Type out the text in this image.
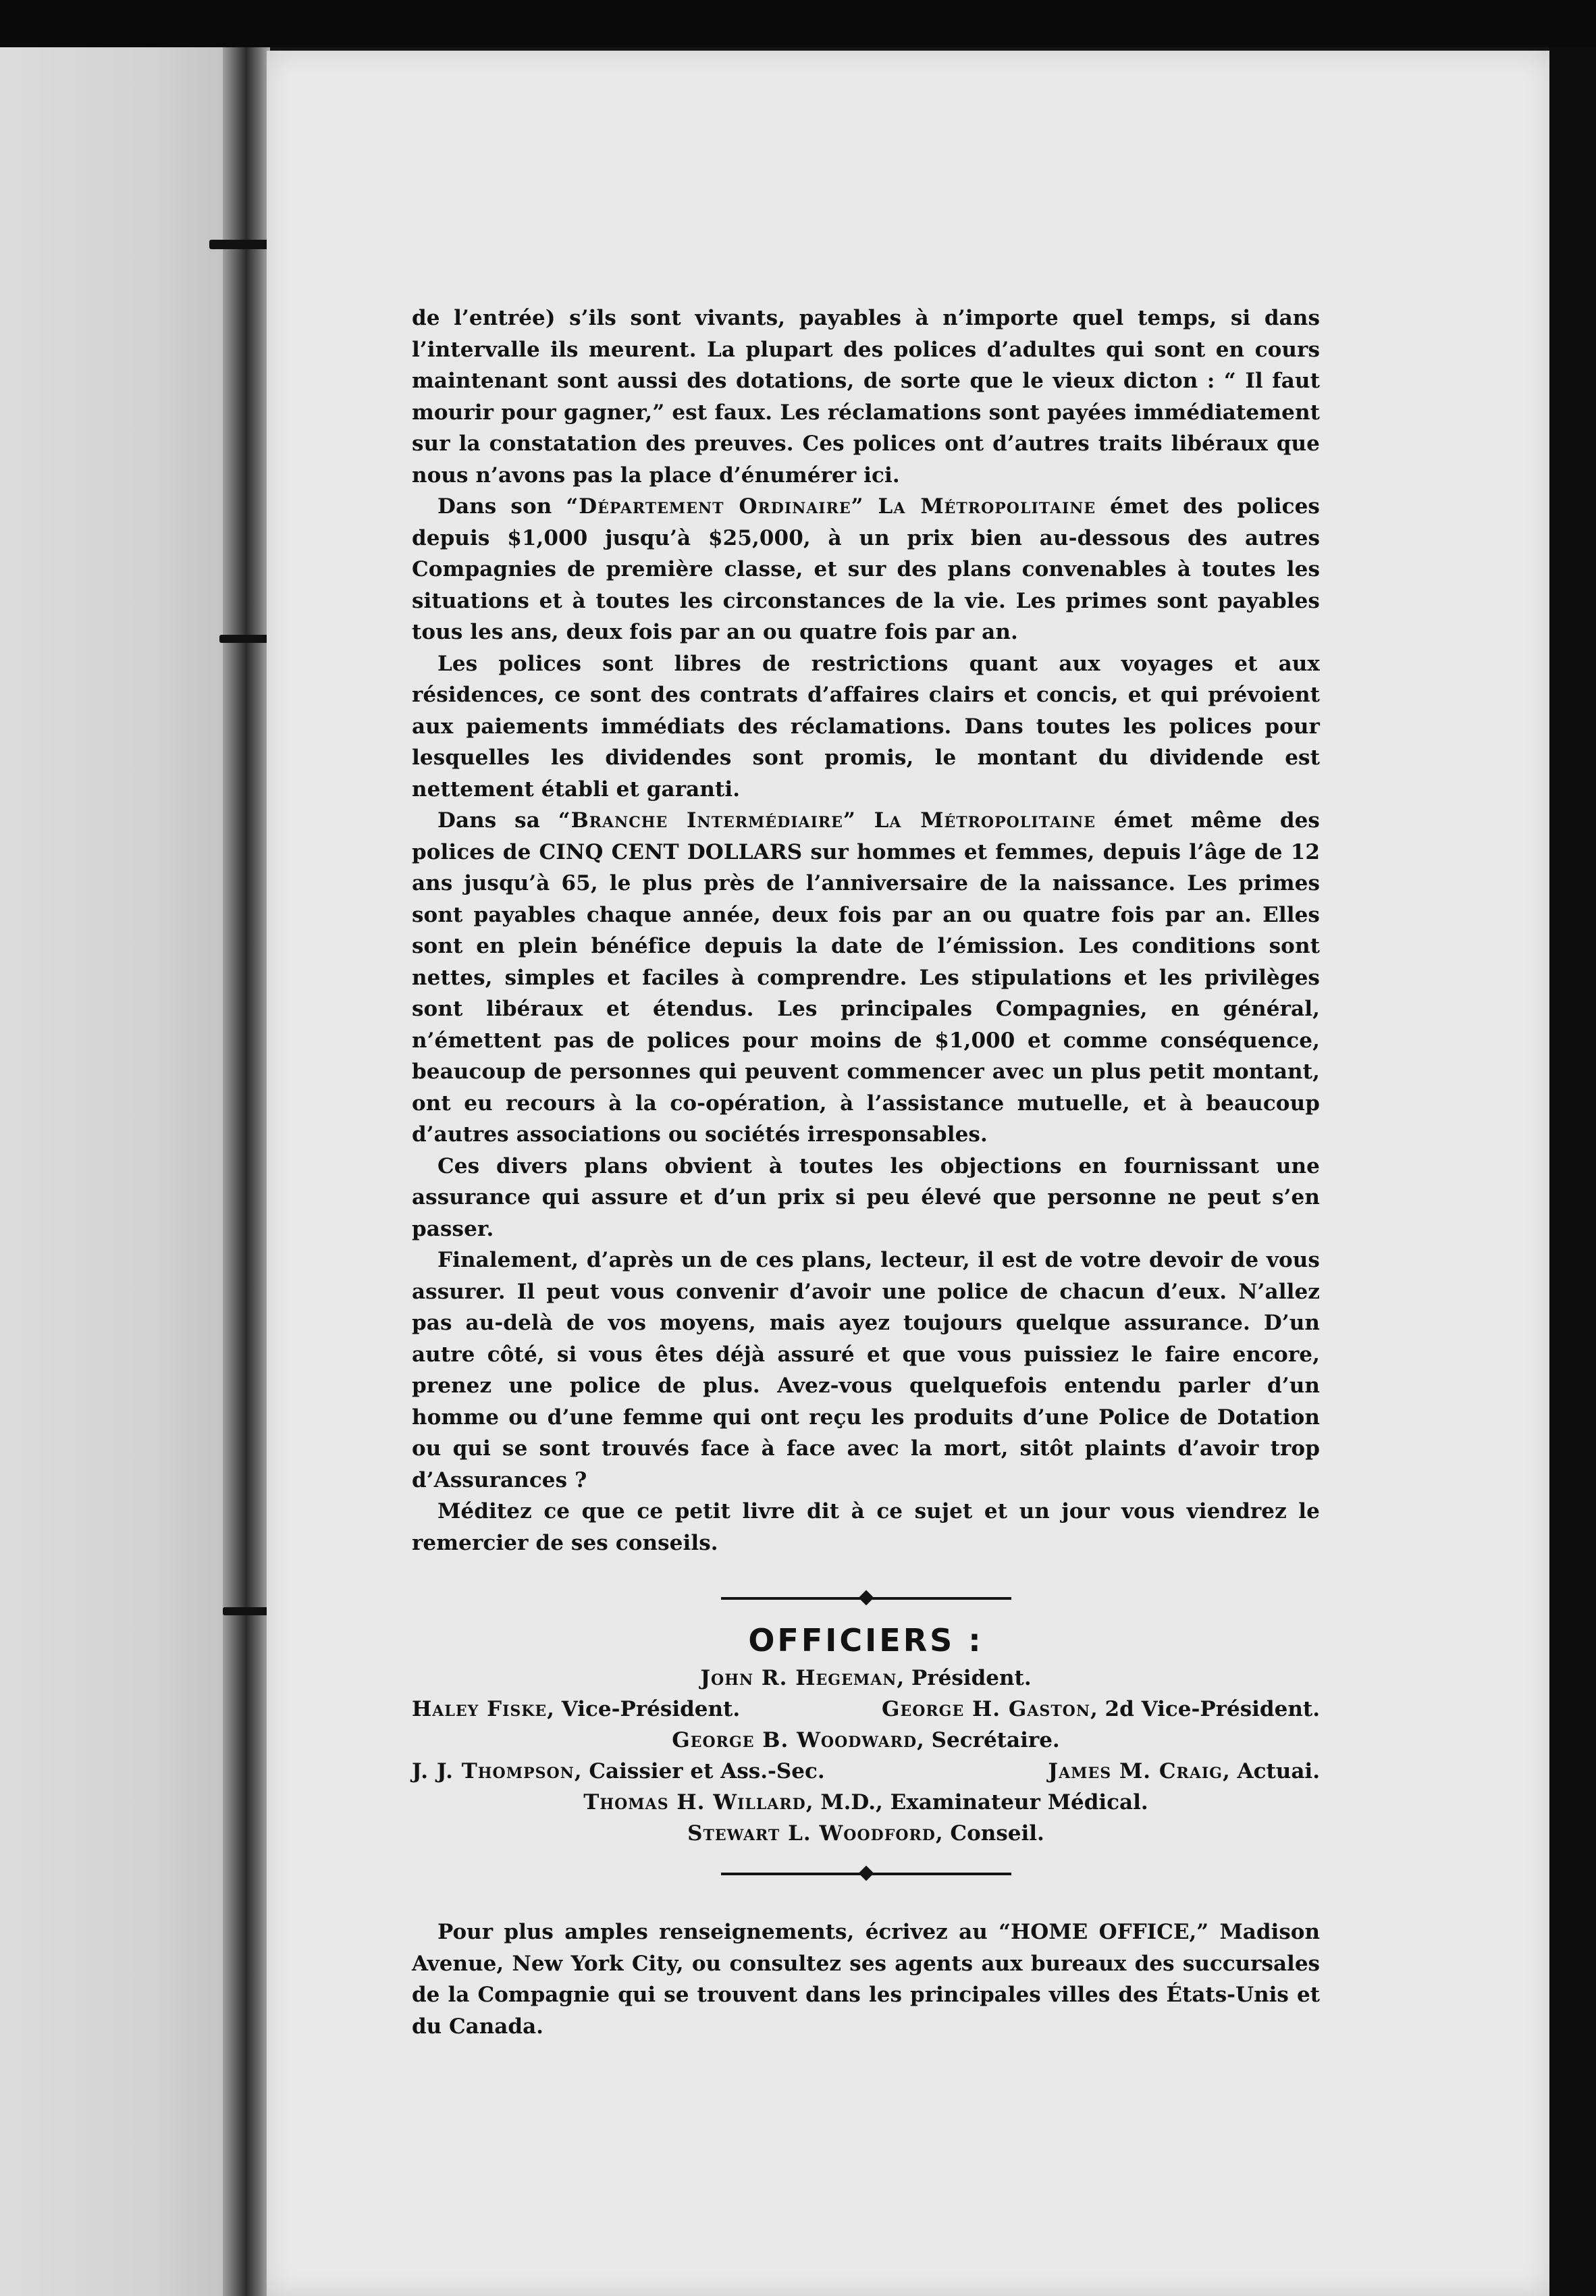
de l’entrée) s’ils sont vivants, payables à n’importe quel temps, si dans l’intervalle ils meurent. La plupart des polices d’adultes qui sont en cours maintenant sont aussi des dotations, de sorte que le vieux dicton : “ Il faut mourir pour gagner,” est faux. Les réclamations sont payées immédiatement sur la constatation des preuves. Ces polices ont d’autres traits libéraux que nous n’avons pas la place d’énumérer ici.

Dans son “Département Ordinaire” La Métropolitaine émet des polices depuis $1,000 jusqu’à $25,000, à un prix bien au-dessous des autres Compagnies de première classe, et sur des plans convenables à toutes les situations et à toutes les circonstances de la vie. Les primes sont payables tous les ans, deux fois par an ou quatre fois par an.

Les polices sont libres de restrictions quant aux voyages et aux résidences, ce sont des contrats d’affaires clairs et concis, et qui prévoient aux paiements immédiats des réclamations. Dans toutes les polices pour lesquelles les dividendes sont promis, le montant du dividende est nettement établi et garanti.

Dans sa “Branche Intermédiaire” La Métropolitaine émet même des polices de CINQ CENT DOLLARS sur hommes et femmes, depuis l’âge de 12 ans jusqu’à 65, le plus près de l’anniversaire de la naissance. Les primes sont payables chaque année, deux fois par an ou quatre fois par an. Elles sont en plein bénéfice depuis la date de l’émission. Les conditions sont nettes, simples et faciles à comprendre. Les stipulations et les privilèges sont libéraux et étendus. Les principales Compagnies, en général, n’émettent pas de polices pour moins de $1,000 et comme conséquence, beaucoup de personnes qui peuvent commencer avec un plus petit montant, ont eu recours à la co-opération, à l’assistance mutuelle, et à beaucoup d’autres associations ou sociétés irresponsables.

Ces divers plans obvient à toutes les objections en fournissant une assurance qui assure et d’un prix si peu élevé que personne ne peut s’en passer.

Finalement, d’après un de ces plans, lecteur, il est de votre devoir de vous assurer. Il peut vous convenir d’avoir une police de chacun d’eux. N’allez pas au-delà de vos moyens, mais ayez toujours quelque assurance. D’un autre côté, si vous êtes déjà assuré et que vous puissiez le faire encore, prenez une police de plus. Avez-vous quelquefois entendu parler d’un homme ou d’une femme qui ont reçu les produits d’une Police de Dotation ou qui se sont trouvés face à face avec la mort, sitôt plaints d’avoir trop d’Assurances ?

Méditez ce que ce petit livre dit à ce sujet et un jour vous viendrez le remercier de ses conseils.

OFFICIERS :
John R. Hegeman, Président.
Haley Fiske, Vice-Président.	George H. Gaston, 2d Vice-Président.
George B. Woodward, Secrétaire.
J. J. Thompson, Caissier et Ass.-Sec.	James M. Craig, Actuai.
Thomas H. Willard, M.D., Examinateur Médical.
Stewart L. Woodford, Conseil.

Pour plus amples renseignements, écrivez au “HOME OFFICE,” Madison Avenue, New York City, ou consultez ses agents aux bureaux des succursales de la Compagnie qui se trouvent dans les principales villes des États-Unis et du Canada.
